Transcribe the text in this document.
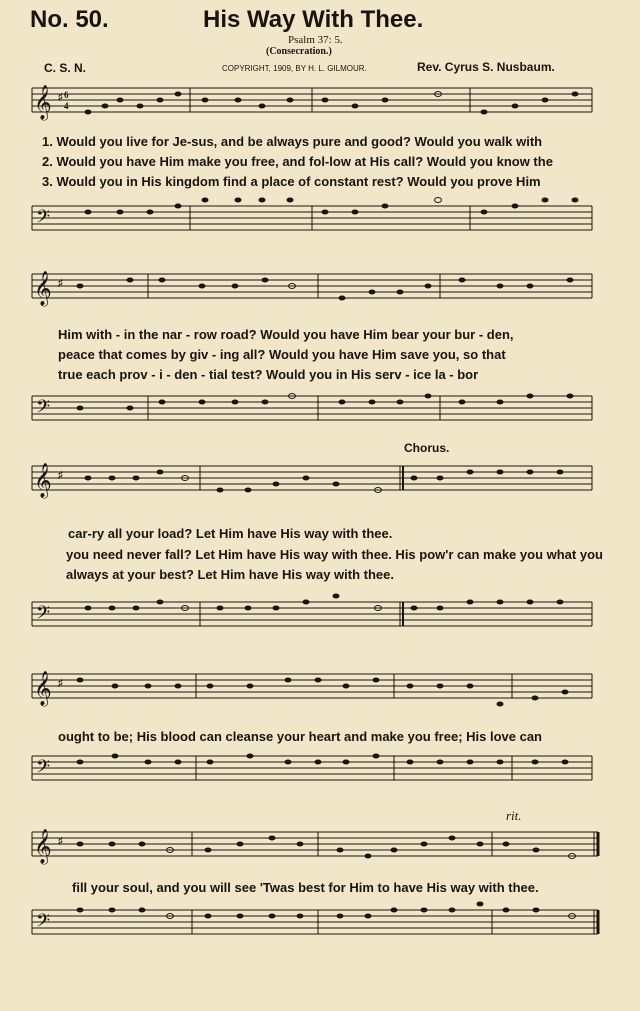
No. 50.	His Way With Thee.
Psalm 37: 5.
(Consecration.)
C. S. N.	COPYRIGHT, 1909, BY H. L. GILMOUR.	Rev. Cyrus S. Nusbaum.
𝄞 ♯ 6
4
1. Would you live for Je-sus, and be always pure and good? Would you walk with
2. Would you have Him make you free, and fol-low at His call? Would you know the
3. Would you in His kingdom find a place of constant rest? Would you prove Him
𝄢
𝄞 ♯
Him with - in the nar - row road? Would you have Him bear your bur - den,
peace that comes by giv - ing all? Would you have Him save you, so that
true each prov - i - den - tial test? Would you in His serv - ice la - bor
𝄢
Chorus.
𝄞 ♯
car-ry all your load? Let Him have His way with thee.
you need never fall? Let Him have His way with thee. His pow'r can make you what you
always at your best? Let Him have His way with thee.
𝄢
𝄞 ♯
ought to be; His blood can cleanse your heart and make you free; His love can
𝄢
rit.
𝄞 ♯
fill your soul, and you will see 'Twas best for Him to have His way with thee.
𝄢
